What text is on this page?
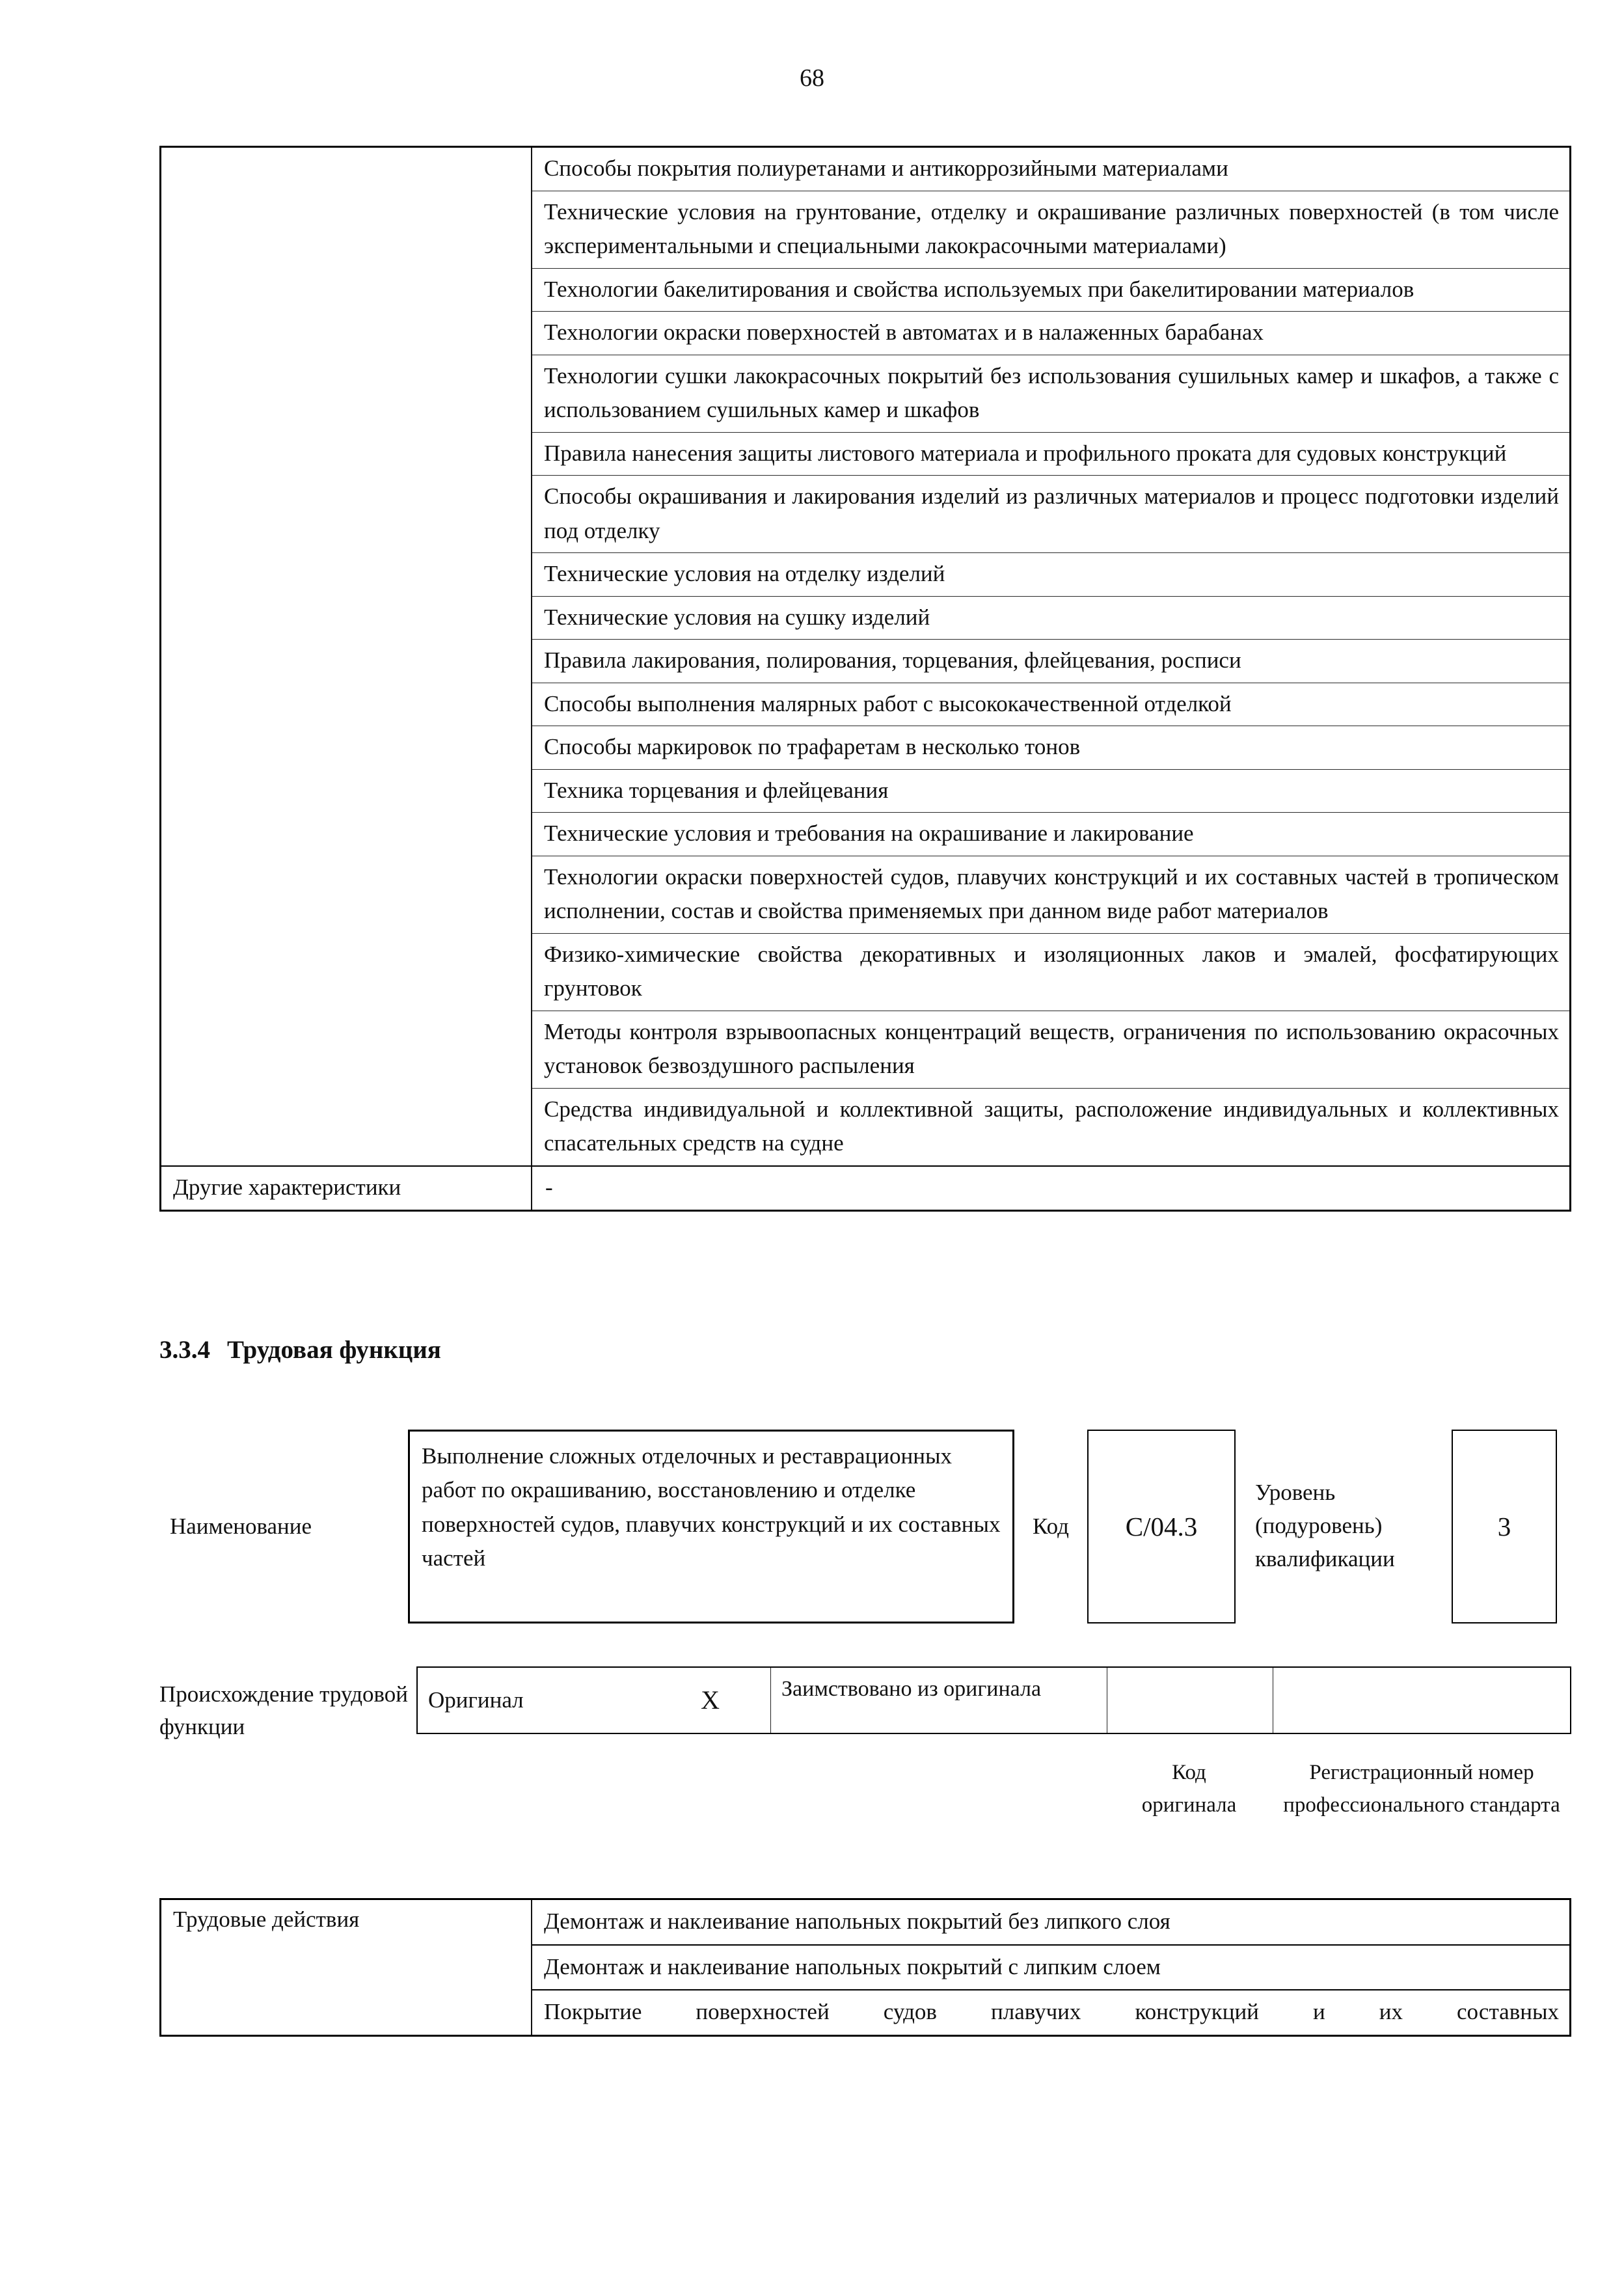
68
Способы покрытия полиуретанами и антикоррозийными материалами
Технические условия на грунтование, отделку и окрашивание различных поверхностей (в том числе экспериментальными и специальными лакокрасочными материалами)
Технологии бакелитирования и свойства используемых при бакелитировании материалов
Технологии окраски поверхностей в автоматах и в налаженных барабанах
Технологии сушки лакокрасочных покрытий без использования сушильных камер и шкафов, а также с использованием сушильных камер и шкафов
Правила нанесения защиты листового материала и профильного проката для судовых конструкций
Способы окрашивания и лакирования изделий из различных материалов и процесс подготовки изделий под отделку
Технические условия на отделку изделий
Технические условия на сушку изделий
Правила лакирования, полирования, торцевания, флейцевания, росписи
Способы выполнения малярных работ с высококачественной отделкой
Способы маркировок по трафаретам в несколько тонов
Техника торцевания и флейцевания
Технические условия и требования на окрашивание и лакирование
Технологии окраски поверхностей судов, плавучих конструкций и их составных частей в тропическом исполнении, состав и свойства применяемых при данном виде работ материалов
Физико-химические свойства декоративных и изоляционных лаков и эмалей, фосфатирующих грунтовок
Методы контроля взрывоопасных концентраций веществ, ограничения по использованию окрасочных установок безвоздушного распыления
Средства индивидуальной и коллективной защиты, расположение индивидуальных и коллективных спасательных средств на судне
Другие характеристики	-
3.3.4 Трудовая функция
Наименование
Выполнение сложных отделочных и реставрационных работ по окрашиванию, восстановлению и отделке поверхностей судов, плавучих конструкций и их составных частей
Код	С/04.3
Уровень (подуровень) квалификации
3
Происхождение трудовой функции
Оригинал	X	Заимствовано из оригинала
Код оригинала
Регистрационный номер профессионального стандарта
Трудовые действия	Демонтаж и наклеивание напольных покрытий без липкого слоя
Демонтаж и наклеивание напольных покрытий с липким слоем
Покрытие поверхностей судов плавучих конструкций и их составных
